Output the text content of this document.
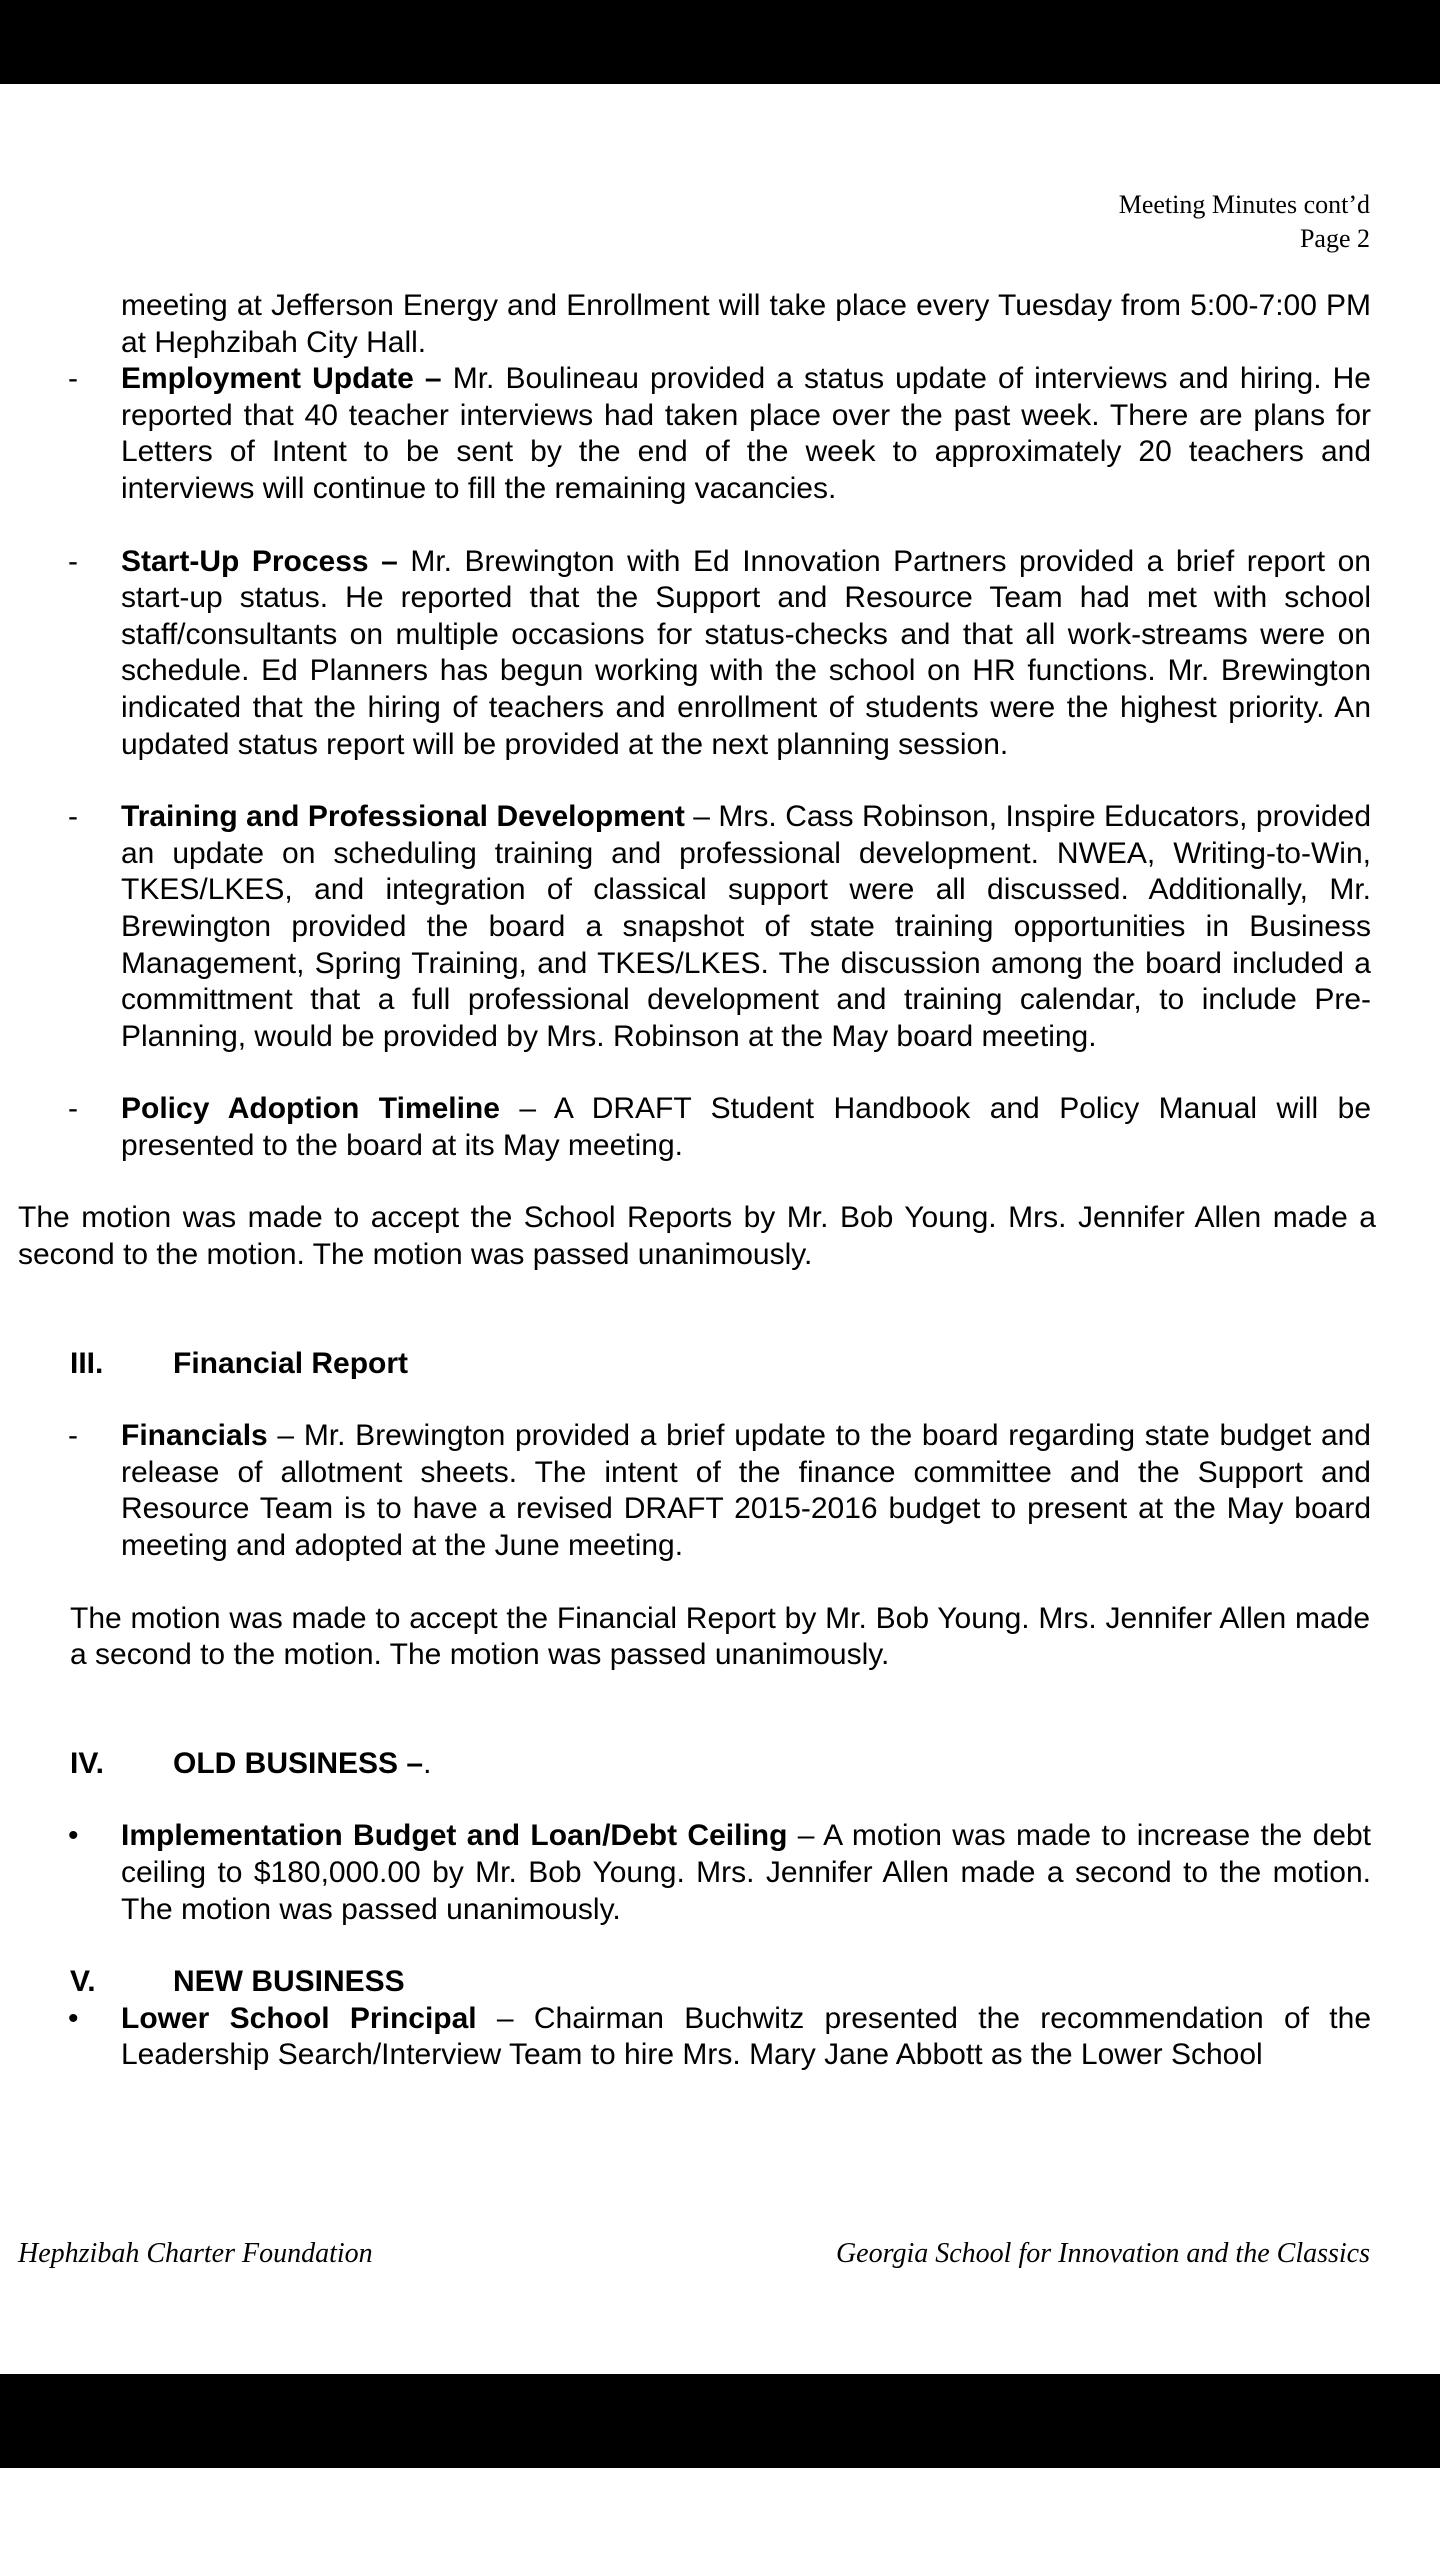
Meeting Minutes cont’d
Page 2
meeting at Jefferson Energy and Enrollment will take place every Tuesday from 5:00-7:00 PM at Hephzibah City Hall.
- Employment Update – Mr. Boulineau provided a status update of interviews and hiring. He reported that 40 teacher interviews had taken place over the past week. There are plans for Letters of Intent to be sent by the end of the week to approximately 20 teachers and interviews will continue to fill the remaining vacancies.
- Start-Up Process – Mr. Brewington with Ed Innovation Partners provided a brief report on start-up status. He reported that the Support and Resource Team had met with school staff/consultants on multiple occasions for status-checks and that all work-streams were on schedule. Ed Planners has begun working with the school on HR functions. Mr. Brewington indicated that the hiring of teachers and enrollment of students were the highest priority. An updated status report will be provided at the next planning session.
- Training and Professional Development – Mrs. Cass Robinson, Inspire Educators, provided an update on scheduling training and professional development. NWEA, Writing-to-Win, TKES/LKES, and integration of classical support were all discussed. Additionally, Mr. Brewington provided the board a snapshot of state training opportunities in Business Management, Spring Training, and TKES/LKES. The discussion among the board included a committment that a full professional development and training calendar, to include Pre-Planning, would be provided by Mrs. Robinson at the May board meeting.
- Policy Adoption Timeline – A DRAFT Student Handbook and Policy Manual will be presented to the board at its May meeting.
The motion was made to accept the School Reports by Mr. Bob Young. Mrs. Jennifer Allen made a second to the motion. The motion was passed unanimously.
III. Financial Report
- Financials – Mr. Brewington provided a brief update to the board regarding state budget and release of allotment sheets. The intent of the finance committee and the Support and Resource Team is to have a revised DRAFT 2015-2016 budget to present at the May board meeting and adopted at the June meeting.
The motion was made to accept the Financial Report by Mr. Bob Young. Mrs. Jennifer Allen made a second to the motion. The motion was passed unanimously.
IV. OLD BUSINESS –.
• Implementation Budget and Loan/Debt Ceiling – A motion was made to increase the debt ceiling to $180,000.00 by Mr. Bob Young. Mrs. Jennifer Allen made a second to the motion. The motion was passed unanimously.
V.	NEW BUSINESS
• Lower School Principal – Chairman Buchwitz presented the recommendation of the Leadership Search/Interview Team to hire Mrs. Mary Jane Abbott as the Lower School
Hephzibah Charter Foundation	Georgia School for Innovation and the Classics
